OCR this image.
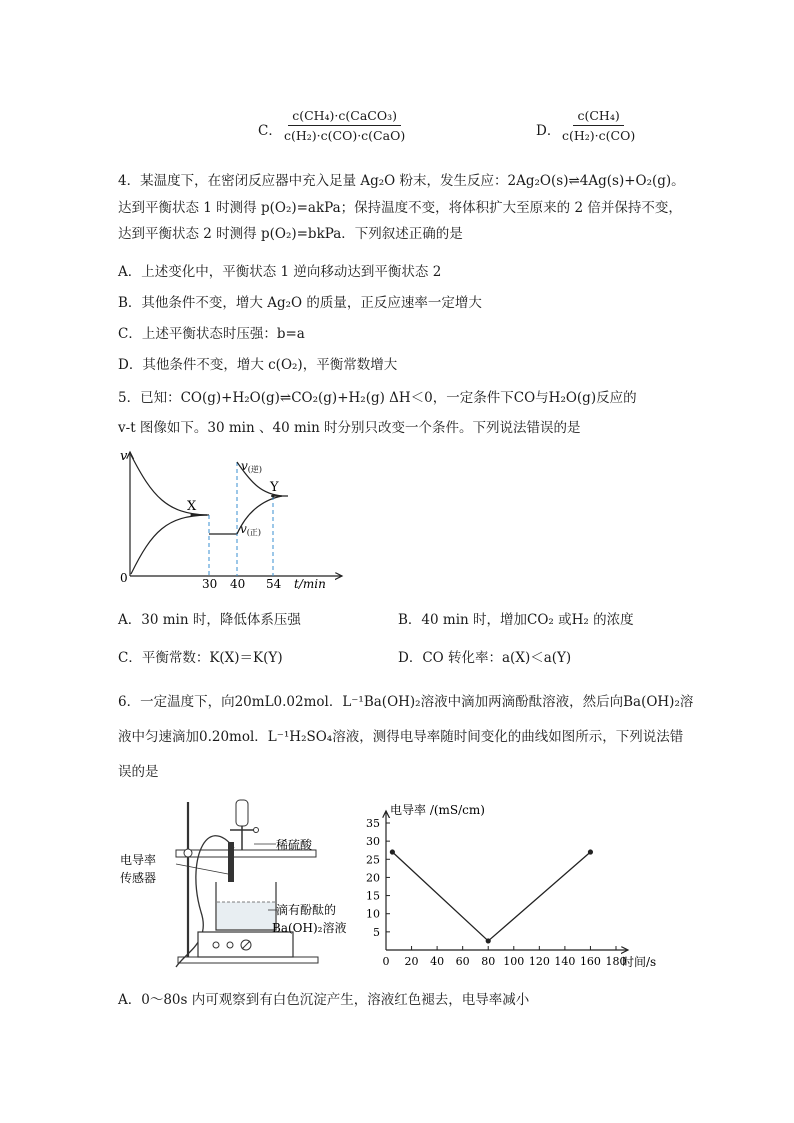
C．
c(CH₄)·c(CaCO₃)
c(H₂)·c(CO)·c(CaO)	D．
$\frac{\text{c(CH₄)}}{\text{c(H₂)·c(CO)}}$
4．某温度下，在密闭反应器中充入足量 Ag₂O 粉末，发生反应：2Ag₂O(s)⇌4Ag(s)+O₂(g)。
达到平衡状态 1 时测得 p(O₂)=akPa；保持温度不变，将体积扩大至原来的 2 倍并保持不变，
达到平衡状态 2 时测得 p(O₂)=bkPa．下列叙述正确的是
A．上述变化中，平衡状态 1 逆向移动达到平衡状态 2
B．其他条件不变，增大 Ag₂O 的质量，正反应速率一定增大
C．上述平衡状态时压强：b=a
D．其他条件不变，增大 c(O₂)，平衡常数增大
5．已知：CO(g)+H₂O(g)⇌CO₂(g)+H₂(g) ΔH＜0，一定条件下CO与H₂O(g)反应的
v-t 图像如下。30 min 、40 min 时分别只改变一个条件。下列说法错误的是
v
0	t/min
X
Y
v(逆)
v(正)
30 40 54
A．30 min 时，降低体系压强	B．40 min 时，增加CO₂ 或H₂ 的浓度
C．平衡常数：K(X)＝K(Y)	D．CO 转化率：a(X)＜a(Y)
6．一定温度下，向20mL0.02mol．L⁻¹Ba(OH)₂溶液中滴加两滴酚酞溶液，然后向Ba(OH)₂溶
液中匀速滴加0.20mol．L⁻¹H₂SO₄溶液，测得电导率随时间变化的曲线如图所示，下列说法错
误的是
稀硫酸
电导率
传感器
滴有酚酞的
Ba(OH)₂溶液 5
10
15
20
25
30
35
0 20 40 60 80 100 120 140 160 180
电导率 /(mS/cm)
时间/s
A．0～80s 内可观察到有白色沉淀产生，溶液红色褪去，电导率减小
